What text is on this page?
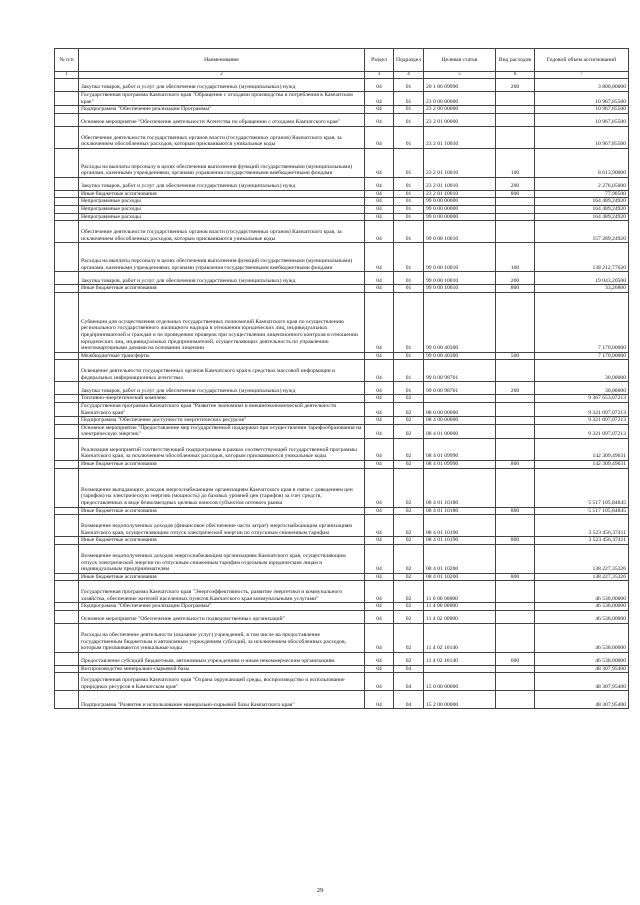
№ п/п	Наименование	Раздел	Подраздел	Целевая статья	Вид расходов	Годовой объем ассигнований
1	2	3	4	5	6	7
	Закупка товаров, работ и услуг для обеспечения государственных (муниципальных) нужд	04	01	20 1 06 09990	200	3 800,00000
	Государственная программа Камчатского края "Обращение с отходами производства и потребления в Камчатском крае"	04	01	23 0 00 00000		10 967,85500
	Подпрограмма "Обеспечение реализации Программы"	04	01	23 2 00 00000		10 967,85500
	Основное мероприятие "Обеспечение деятельности Агентства по обращению с отходами Камчатского края"	04	01	23 2 01 00000		10 967,85500
	Обеспечение деятельности государственных органов власти (государственных органов) Камчатского края, за исключением обособленных расходов, которым присваиваются уникальные коды	04	01	23 2 01 10010		10 967,85500
	Расходы на выплаты персоналу в целях обеспечения выполнения функций государственными (муниципальными) органами, казенными учреждениями, органами управления государственными внебюджетными фондами	04	01	23 2 01 10010	100	8 613,90000
	Закупка товаров, работ и услуг для обеспечения государственных (муниципальных) нужд	04	01	23 2 01 10010	200	2 276,05000
	Иные бюджетные ассигнования	04	01	23 2 01 10010	800	77,90500
	Непрограммные расходы	04	01	99 0 00 00000		164 489,24920
	Непрограммные расходы	04	01	99 0 00 00000		164 489,24920
	Непрограммные расходы	04	01	99 0 00 00000		164 489,24920
	Обеспечение деятельности государственных органов власти (государственных органов) Камчатского края, за исключением обособленных расходов, которым присваиваются уникальные коды	04	01	99 0 00 10010		157 289,24920
	Расходы на выплаты персоналу в целях обеспечения выполнения функций государственными (муниципальными) органами, казенными учреждениями, органами управления государственными внебюджетными фондами	04	01	99 0 00 10010	100	138 212,77620
	Закупка товаров, работ и услуг для обеспечения государственных (муниципальных) нужд	04	01	99 0 00 10010	200	19 043,20500
	Иные бюджетные ассигнования	04	01	99 0 00 10010	800	33,26800
	Субвенции для осуществления отдельных государственных полномочий Камчатского края по осуществлению регионального государственного жилищного надзора в отношении юридических лиц, индивидуальных предпринимателей и граждан и по проведению проверок при осуществлении лицензионного контроля в отношении юридических лиц, индивидуальных предпринимателей, осуществляющих деятельность по управлению многоквартирными домами на основании лицензии	04	01	99 0 00 40300		7 170,00000
	Межбюджетные трансферты	04	01	99 0 00 40300	500	7 170,00000
	Освещение деятельности государственных органов Камчатского края в средствах массовой информации и федеральных информационных агентствах	04	01	99 0 00 98701		30,00000
	Закупка товаров, работ и услуг для обеспечения государственных (муниципальных) нужд	04	01	99 0 00 98701	200	30,00000
	Топливно-энергетический комплекс	04	02			9 367 653,07213
	Государственная программа Камчатского края "Развитие экономики и внешнеэкономической деятельности Камчатского края"	04	02	08 0 00 00000		9 321 097,07213
	Подпрограмма "Обеспечение доступности энергетических ресурсов"	04	02	08 4 00 00000		9 321 097,07213
	Основное мероприятие "Предоставление мер государственной поддержки при осуществлении тарифообразования на электрическую энергию"	04	02	08 4 01 00000		9 321 097,07213
	Реализация мероприятий соответствующей подпрограммы в рамках соответствующей государственной программы Камчатского края, за исключением обособленных расходов, которым присваиваются уникальные коды	04	02	08 4 01 09990		142 309,49631
	Иные бюджетные ассигнования	04	02	08 4 01 09990	800	142 309,49631
	Возмещение выпадающих доходов энергоснабжающим организациям Камчатского края в связи с доведением цен (тарифов) на электрическую энергию (мощность) до базовых уровней цен (тарифов) за счет средств, предоставленных в виде безвозмездных целевых взносов субъектом оптового рынка	04	02	08 4 01 10180		5 517 105,84845
	Иные бюджетные ассигнования	04	02	08 4 01 10180	800	5 517 105,84845
	Возмещение недополученных доходов (финансовое обеспечение части затрат) энергоснабжающим организациям Камчатского края, осуществляющим отпуск электрической энергии по отпускным сниженным тарифам	04	02	08 4 01 10190		3 523 456,37411
	Иные бюджетные ассигнования	04	02	08 4 01 10190	800	3 523 456,37411
	Возмещение недополученных доходов энергоснабжающим организациям Камчатского края, осуществляющим отпуск электрической энергии по отпускным сниженным тарифам отдельным юридическим лицам и индивидуальным предпринимателям	04	02	08 4 01 10200		138 227,35326
	Иные бюджетные ассигнования	04	02	08 4 01 10200	800	138 227,35326
	Государственная программа Камчатского края "Энергоэффективность, развитие энергетики и коммунального хозяйства, обеспечение жителей населенных пунктов Камчатского края коммунальными услугами"	04	02	11 0 00 00000		46 538,00000
	Подпрограмма "Обеспечение реализации Программы"	04	02	11 4 00 00000		46 538,00000
	Основное мероприятие "Обеспечение деятельности подведомственных организаций"	04	02	11 4 02 00000		46 538,00000
	Расходы на обеспечение деятельности (оказание услуг) учреждений, в том числе на предоставление государственным бюджетным и автономным учреждениям субсидий, за исключением обособленных расходов, которым присваиваются уникальные коды	04	02	11 4 02 10140		46 538,00000
	Предоставление субсидий бюджетным, автономным учреждениям и иным некоммерческим организациям	04	02	11 4 02 10140	600	46 538,00000
	Воспроизводство минерально-сырьевой базы	04	04			48 307,95400
	Государственная программа Камчатского края "Охрана окружающей среды, воспроизводство и использование природных ресурсов в Камчатском крае"	04	04	15 0 00 00000		48 307,95400
	Подпрограмма "Развитие и использование минерально-сырьевой базы Камчатского края"	04	04	15 2 00 00000		48 307,95400
29
